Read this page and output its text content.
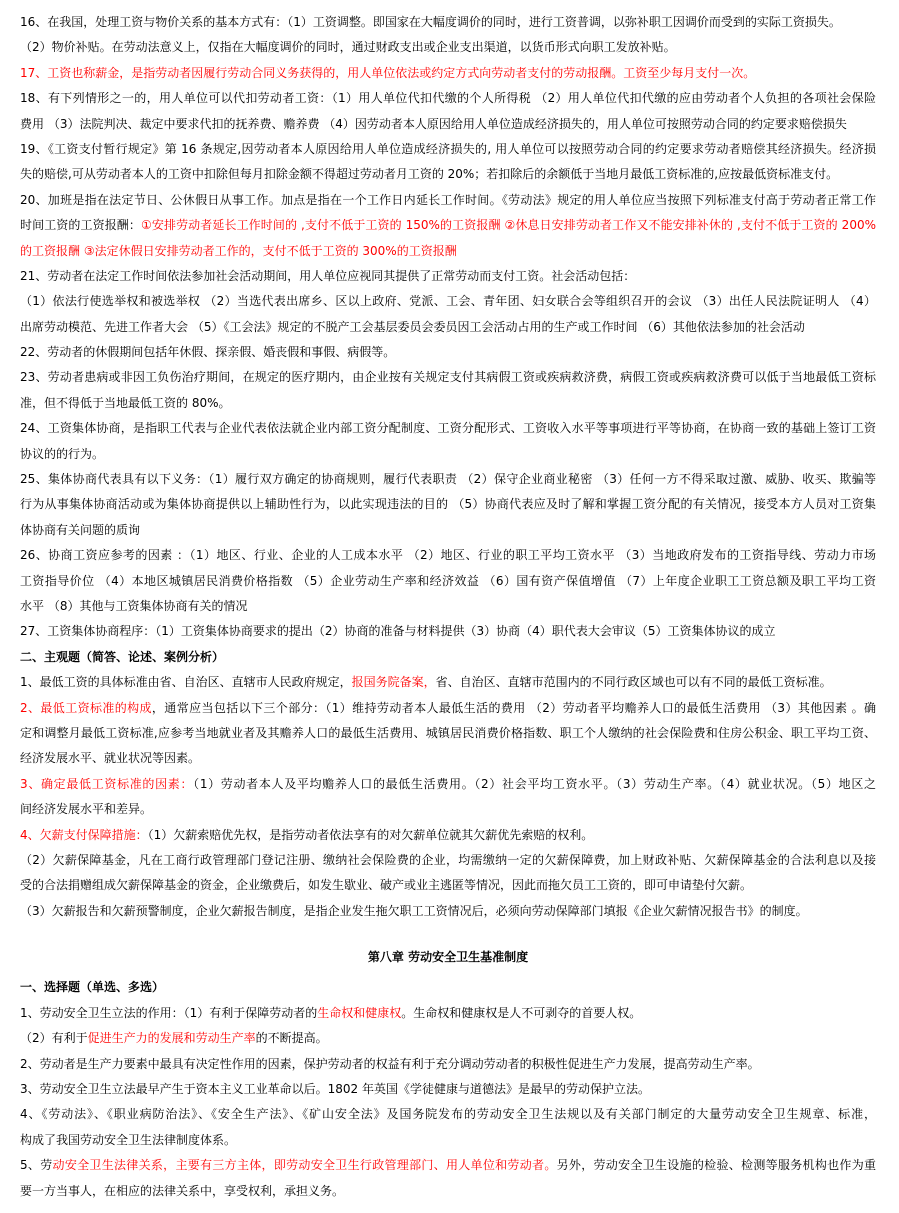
16、在我国，处理工资与物价关系的基本方式有：（1）工资调整。即国家在大幅度调价的同时，进行工资普调，以弥补职工因调价而受到的实际工资损失。
（2）物价补贴。在劳动法意义上，仅指在大幅度调价的同时，通过财政支出或企业支出渠道，以货币形式向职工发放补贴。
17、工资也称薪金，是指劳动者因履行劳动合同义务获得的，用人单位依法或约定方式向劳动者支付的劳动报酬。工资至少每月支付一次。
18、有下列情形之一的，用人单位可以代扣劳动者工资：（1）用人单位代扣代缴的个人所得税 （2）用人单位代扣代缴的应由劳动者个人负担的各项社会保险
费用 （3）法院判决、裁定中要求代扣的抚养费、赡养费 （4）因劳动者本人原因给用人单位造成经济损失的，用人单位可按照劳动合同的约定要求赔偿损失
19、《工资支付暂行规定》第 16 条规定,因劳动者本人原因给用人单位造成经济损失的, 用人单位可以按照劳动合同的约定要求劳动者赔偿其经济损失。经济损
失的赔偿,可从劳动者本人的工资中扣除但每月扣除金额不得超过劳动者月工资的 20%；若扣除后的余额低于当地月最低工资标准的,应按最低资标准支付。
20、加班是指在法定节日、公休假日从事工作。加点是指在一个工作日内延长工作时间。《劳动法》规定的用人单位应当按照下列标准支付高于劳动者正常工作
时间工资的工资报酬：①安排劳动者延长工作时间的 ,支付不低于工资的 150%的工资报酬 ②休息日安排劳动者工作又不能安排补休的 ,支付不低于工资的 200%
的工资报酬 ③法定休假日安排劳动者工作的，支付不低于工资的 300%的工资报酬
21、劳动者在法定工作时间依法参加社会活动期间，用人单位应视同其提供了正常劳动而支付工资。社会活动包括：
（1）依法行使选举权和被选举权 （2）当选代表出席乡、区以上政府、党派、工会、青年团、妇女联合会等组织召开的会议 （3）出任人民法院证明人 （4）
出席劳动模范、先进工作者大会 （5）《工会法》规定的不脱产工会基层委员会委员因工会活动占用的生产或工作时间 （6）其他依法参加的社会活动
22、劳动者的休假期间包括年休假、探亲假、婚丧假和事假、病假等。
23、劳动者患病或非因工负伤治疗期间，在规定的医疗期内，由企业按有关规定支付其病假工资或疾病救济费，病假工资或疾病救济费可以低于当地最低工资标
准，但不得低于当地最低工资的 80%。
24、工资集体协商，是指职工代表与企业代表依法就企业内部工资分配制度、工资分配形式、工资收入水平等事项进行平等协商，在协商一致的基础上签订工资
协议的的行为。
25、集体协商代表具有以下义务：（1）履行双方确定的协商规则，履行代表职责 （2）保守企业商业秘密 （3）任何一方不得采取过激、威胁、收买、欺骗等
行为从事集体协商活动或为集体协商提供以上辅助性行为，以此实现违法的目的 （5）协商代表应及时了解和掌握工资分配的有关情况，接受本方人员对工资集
体协商有关问题的质询
26、协商工资应参考的因素 ：（1）地区、行业、企业的人工成本水平 （2）地区、行业的职工平均工资水平 （3）当地政府发布的工资指导线、劳动力市场
工资指导价位 （4）本地区城镇居民消费价格指数 （5）企业劳动生产率和经济效益 （6）国有资产保值增值 （7）上年度企业职工工资总额及职工平均工资
水平 （8）其他与工资集体协商有关的情况
27、工资集体协商程序：（1）工资集体协商要求的提出（2）协商的准备与材料提供（3）协商（4）职代表大会审议（5）工资集体协议的成立
二、主观题（简答、论述、案例分析）
1、最低工资的具体标准由省、自治区、直辖市人民政府规定，报国务院备案，省、自治区、直辖市范围内的不同行政区域也可以有不同的最低工资标准。
2、最低工资标准的构成，通常应当包括以下三个部分：（1）维持劳动者本人最低生活的费用 （2）劳动者平均赡养人口的最低生活费用 （3）其他因素 。确
定和调整月最低工资标准,应参考当地就业者及其赡养人口的最低生活费用、城镇居民消费价格指数、职工个人缴纳的社会保险费和住房公积金、职工平均工资、
经济发展水平、就业状况等因素。
3、确定最低工资标准的因素：（1）劳动者本人及平均赡养人口的最低生活费用。（2）社会平均工资水平。（3）劳动生产率。（4）就业状况。（5）地区之
间经济发展水平和差异。
4、欠薪支付保障措施：（1）欠薪索赔优先权，是指劳动者依法享有的对欠薪单位就其欠薪优先索赔的权利。
（2）欠薪保障基金，凡在工商行政管理部门登记注册、缴纳社会保险费的企业，均需缴纳一定的欠薪保障费，加上财政补贴、欠薪保障基金的合法利息以及接
受的合法捐赠组成欠薪保障基金的资金，企业缴费后，如发生歇业、破产或业主逃匿等情况，因此而拖欠员工工资的，即可申请垫付欠薪。
（3）欠薪报告和欠薪预警制度，企业欠薪报告制度，是指企业发生拖欠职工工资情况后，必须向劳动保障部门填报《企业欠薪情况报告书》的制度。
第八章 劳动安全卫生基准制度
一、选择题（单选、多选）
1、劳动安全卫生立法的作用：（1）有利于保障劳动者的生命权和健康权。生命权和健康权是人不可剥夺的首要人权。
（2）有利于促进生产力的发展和劳动生产率的不断提高。
2、劳动者是生产力要素中最具有决定性作用的因素，保护劳动者的权益有利于充分调动劳动者的积极性促进生产力发展，提高劳动生产率。
3、劳动安全卫生立法最早产生于资本主义工业革命以后。1802 年英国《学徒健康与道德法》是最早的劳动保护立法。
4、《劳动法》、《职业病防治法》、《安全生产法》、《矿山安全法》及国务院发布的劳动安全卫生法规以及有关部门制定的大量劳动安全卫生规章、标准，
构成了我国劳动安全卫生法律制度体系。
5、劳动安全卫生法律关系，主要有三方主体，即劳动安全卫生行政管理部门、用人单位和劳动者。另外，劳动安全卫生设施的检验、检测等服务机构也作为重
要一方当事人，在相应的法律关系中，享受权利，承担义务。
